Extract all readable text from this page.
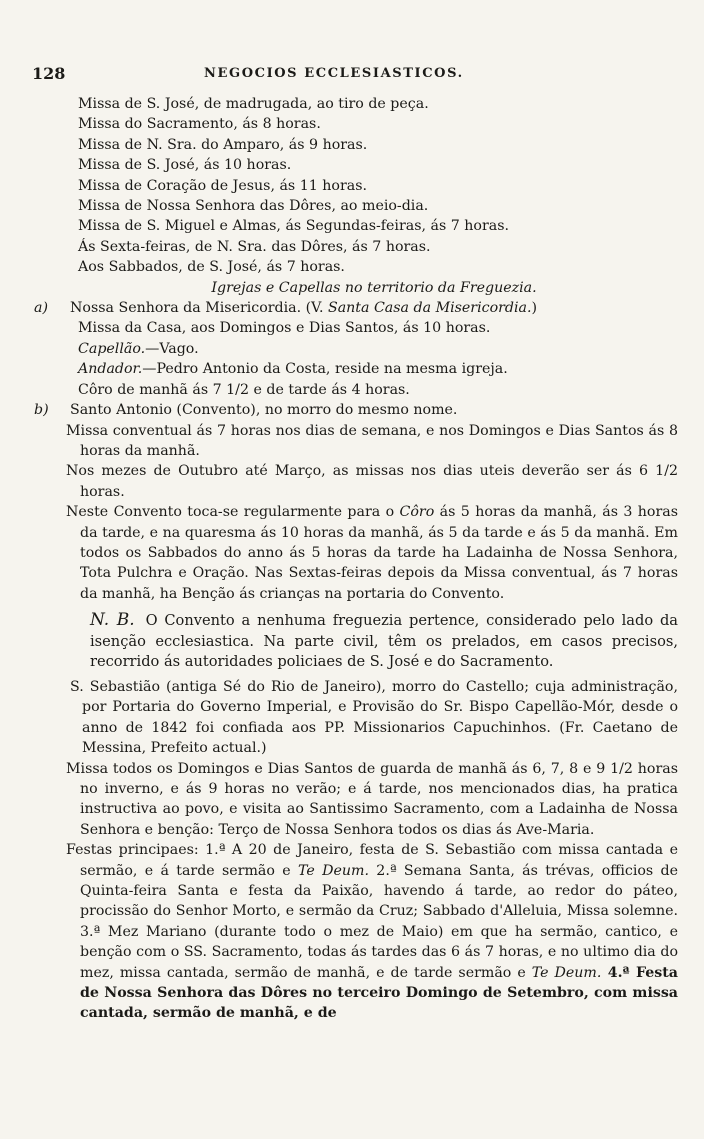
128	NEGOCIOS ECCLESIASTICOS.
Missa de S. José, de madrugada, ao tiro de peça.
Missa do Sacramento, ás 8 horas.
Missa de N. Sra. do Amparo, ás 9 horas.
Missa de S. José, ás 10 horas.
Missa de Coração de Jesus, ás 11 horas.
Missa de Nossa Senhora das Dôres, ao meio-dia.
Missa de S. Miguel e Almas, ás Segundas-feiras, ás 7 horas.
Ás Sexta-feiras, de N. Sra. das Dôres, ás 7 horas.
Aos Sabbados, de S. José, ás 7 horas.
Igrejas e Capellas no territorio da Freguezia.
a) Nossa Senhora da Misericordia. (V. Santa Casa da Misericordia.)
Missa da Casa, aos Domingos e Dias Santos, ás 10 horas.
Capellão.—Vago.
Andador.—Pedro Antonio da Costa, reside na mesma igreja.
Côro de manhã ás 7 1/2 e de tarde ás 4 horas.
b) Santo Antonio (Convento), no morro do mesmo nome.
Missa conventual ás 7 horas nos dias de semana, e nos Domingos e Dias Santos ás 8 horas da manhã.
Nos mezes de Outubro até Março, as missas nos dias uteis deverão ser ás 6 1/2 horas.
Neste Convento toca-se regularmente para o Côro ás 5 horas da manhã, ás 3 horas da tarde, e na quaresma ás 10 horas da manhã, ás 5 da tarde e ás 5 da manhã. Em todos os Sabbados do anno ás 5 horas da tarde ha Ladainha de Nossa Senhora, Tota Pulchra e Oração. Nas Sextas-feiras depois da Missa conventual, ás 7 horas da manhã, ha Benção ás crianças na portaria do Convento.
N. B. O Convento a nenhuma freguezia pertence, considerado pelo lado da isenção ecclesiastica. Na parte civil, têm os prelados, em casos precisos, recorrido ás autoridades policiaes de S. José e do Sacramento.
S. Sebastião (antiga Sé do Rio de Janeiro), morro do Castello; cuja administração, por Portaria do Governo Imperial, e Provisão do Sr. Bispo Capellão-Mór, desde o anno de 1842 foi confiada aos PP. Missionarios Capuchinhos. (Fr. Caetano de Messina, Prefeito actual.)
Missa todos os Domingos e Dias Santos de guarda de manhã ás 6, 7, 8 e 9 1/2 horas no inverno, e ás 9 horas no verão; e á tarde, nos mencionados dias, ha pratica instructiva ao povo, e visita ao Santissimo Sacramento, com a Ladainha de Nossa Senhora e benção: Terço de Nossa Senhora todos os dias ás Ave-Maria.
Festas principaes: 1.ª A 20 de Janeiro, festa de S. Sebastião com missa cantada e sermão, e á tarde sermão e Te Deum. 2.ª Semana Santa, ás trévas, officios de Quinta-feira Santa e festa da Paixão, havendo á tarde, ao redor do páteo, procissão do Senhor Morto, e sermão da Cruz; Sabbado d'Alleluia, Missa solemne. 3.ª Mez Mariano (durante todo o mez de Maio) em que ha sermão, cantico, e benção com o SS. Sacramento, todas ás tardes das 6 ás 7 horas, e no ultimo dia do mez, missa cantada, sermão de manhã, e de tarde sermão e Te Deum. 4.ª Festa de Nossa Senhora das Dôres no terceiro Domingo de Setembro, com missa cantada, sermão de manhã, e de
